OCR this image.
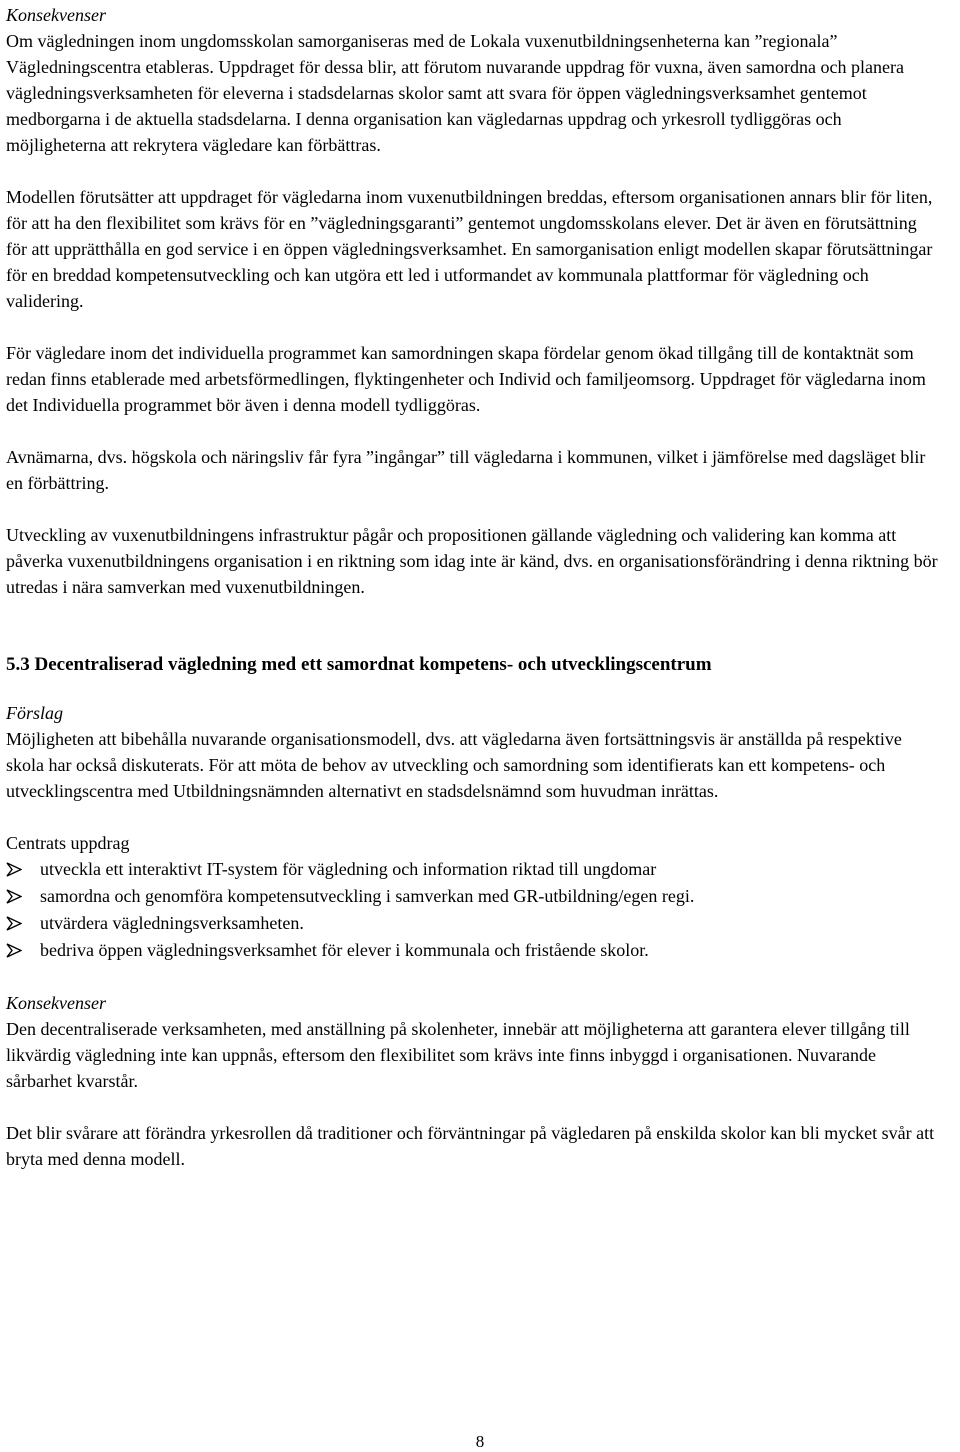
Konsekvenser

Om vägledningen inom ungdomsskolan samorganiseras med de Lokala vuxenutbildningsenheterna kan ”regionala” Vägledningscentra etableras. Uppdraget för dessa blir, att förutom nuvarande uppdrag för vuxna, även samordna och planera vägledningsverksamheten för eleverna i stadsdelarnas skolor samt att svara för öppen vägledningsverksamhet gentemot medborgarna i de aktuella stadsdelarna. I denna organisation kan vägledarnas uppdrag och yrkesroll tydliggöras och möjligheterna att rekrytera vägledare kan förbättras.

Modellen förutsätter att uppdraget för vägledarna inom vuxenutbildningen breddas, eftersom organisationen annars blir för liten, för att ha den flexibilitet som krävs för en ”vägledningsgaranti” gentemot ungdomsskolans elever. Det är även en förutsättning för att upprätthålla en god service i en öppen vägledningsverksamhet. En samorganisation enligt modellen skapar förutsättningar för en breddad kompetensutveckling och kan utgöra ett led i utformandet av kommunala plattformar för vägledning och validering.

För vägledare inom det individuella programmet kan samordningen skapa fördelar genom ökad tillgång till de kontaktnät som redan finns etablerade med arbetsförmedlingen, flyktingenheter och Individ och familjeomsorg. Uppdraget för vägledarna inom det Individuella programmet bör även i denna modell tydliggöras.

Avnämarna, dvs. högskola och näringsliv får fyra ”ingångar” till vägledarna i kommunen, vilket i jämförelse med dagsläget blir en förbättring.

Utveckling av vuxenutbildningens infrastruktur pågår och propositionen gällande vägledning och validering kan komma att påverka vuxenutbildningens organisation i en riktning som idag inte är känd, dvs. en organisationsförändring i denna riktning bör utredas i nära samverkan med vuxenutbildningen.

5.3 Decentraliserad vägledning med ett samordnat kompetens- och utvecklingscentrum

Förslag

Möjligheten att bibehålla nuvarande organisationsmodell, dvs. att vägledarna även fortsättningsvis är anställda på respektive skola har också diskuterats. För att möta de behov av utveckling och samordning som identifierats kan ett kompetens- och utvecklingscentra med Utbildningsnämnden alternativt en stadsdelsnämnd som huvudman inrättas.

Centrats uppdrag

utveckla ett interaktivt IT-system för vägledning och information riktad till ungdomar
samordna och genomföra kompetensutveckling i samverkan med GR-utbildning/egen regi.
utvärdera vägledningsverksamheten.
bedriva öppen vägledningsverksamhet för elever i kommunala och fristående skolor.

Konsekvenser

Den decentraliserade verksamheten, med anställning på skolenheter, innebär att möjligheterna att garantera elever tillgång till likvärdig vägledning inte kan uppnås, eftersom den flexibilitet som krävs inte finns inbyggd i organisationen. Nuvarande sårbarhet kvarstår.

Det blir svårare att förändra yrkesrollen då traditioner och förväntningar på vägledaren på enskilda skolor kan bli mycket svår att bryta med denna modell.

8
